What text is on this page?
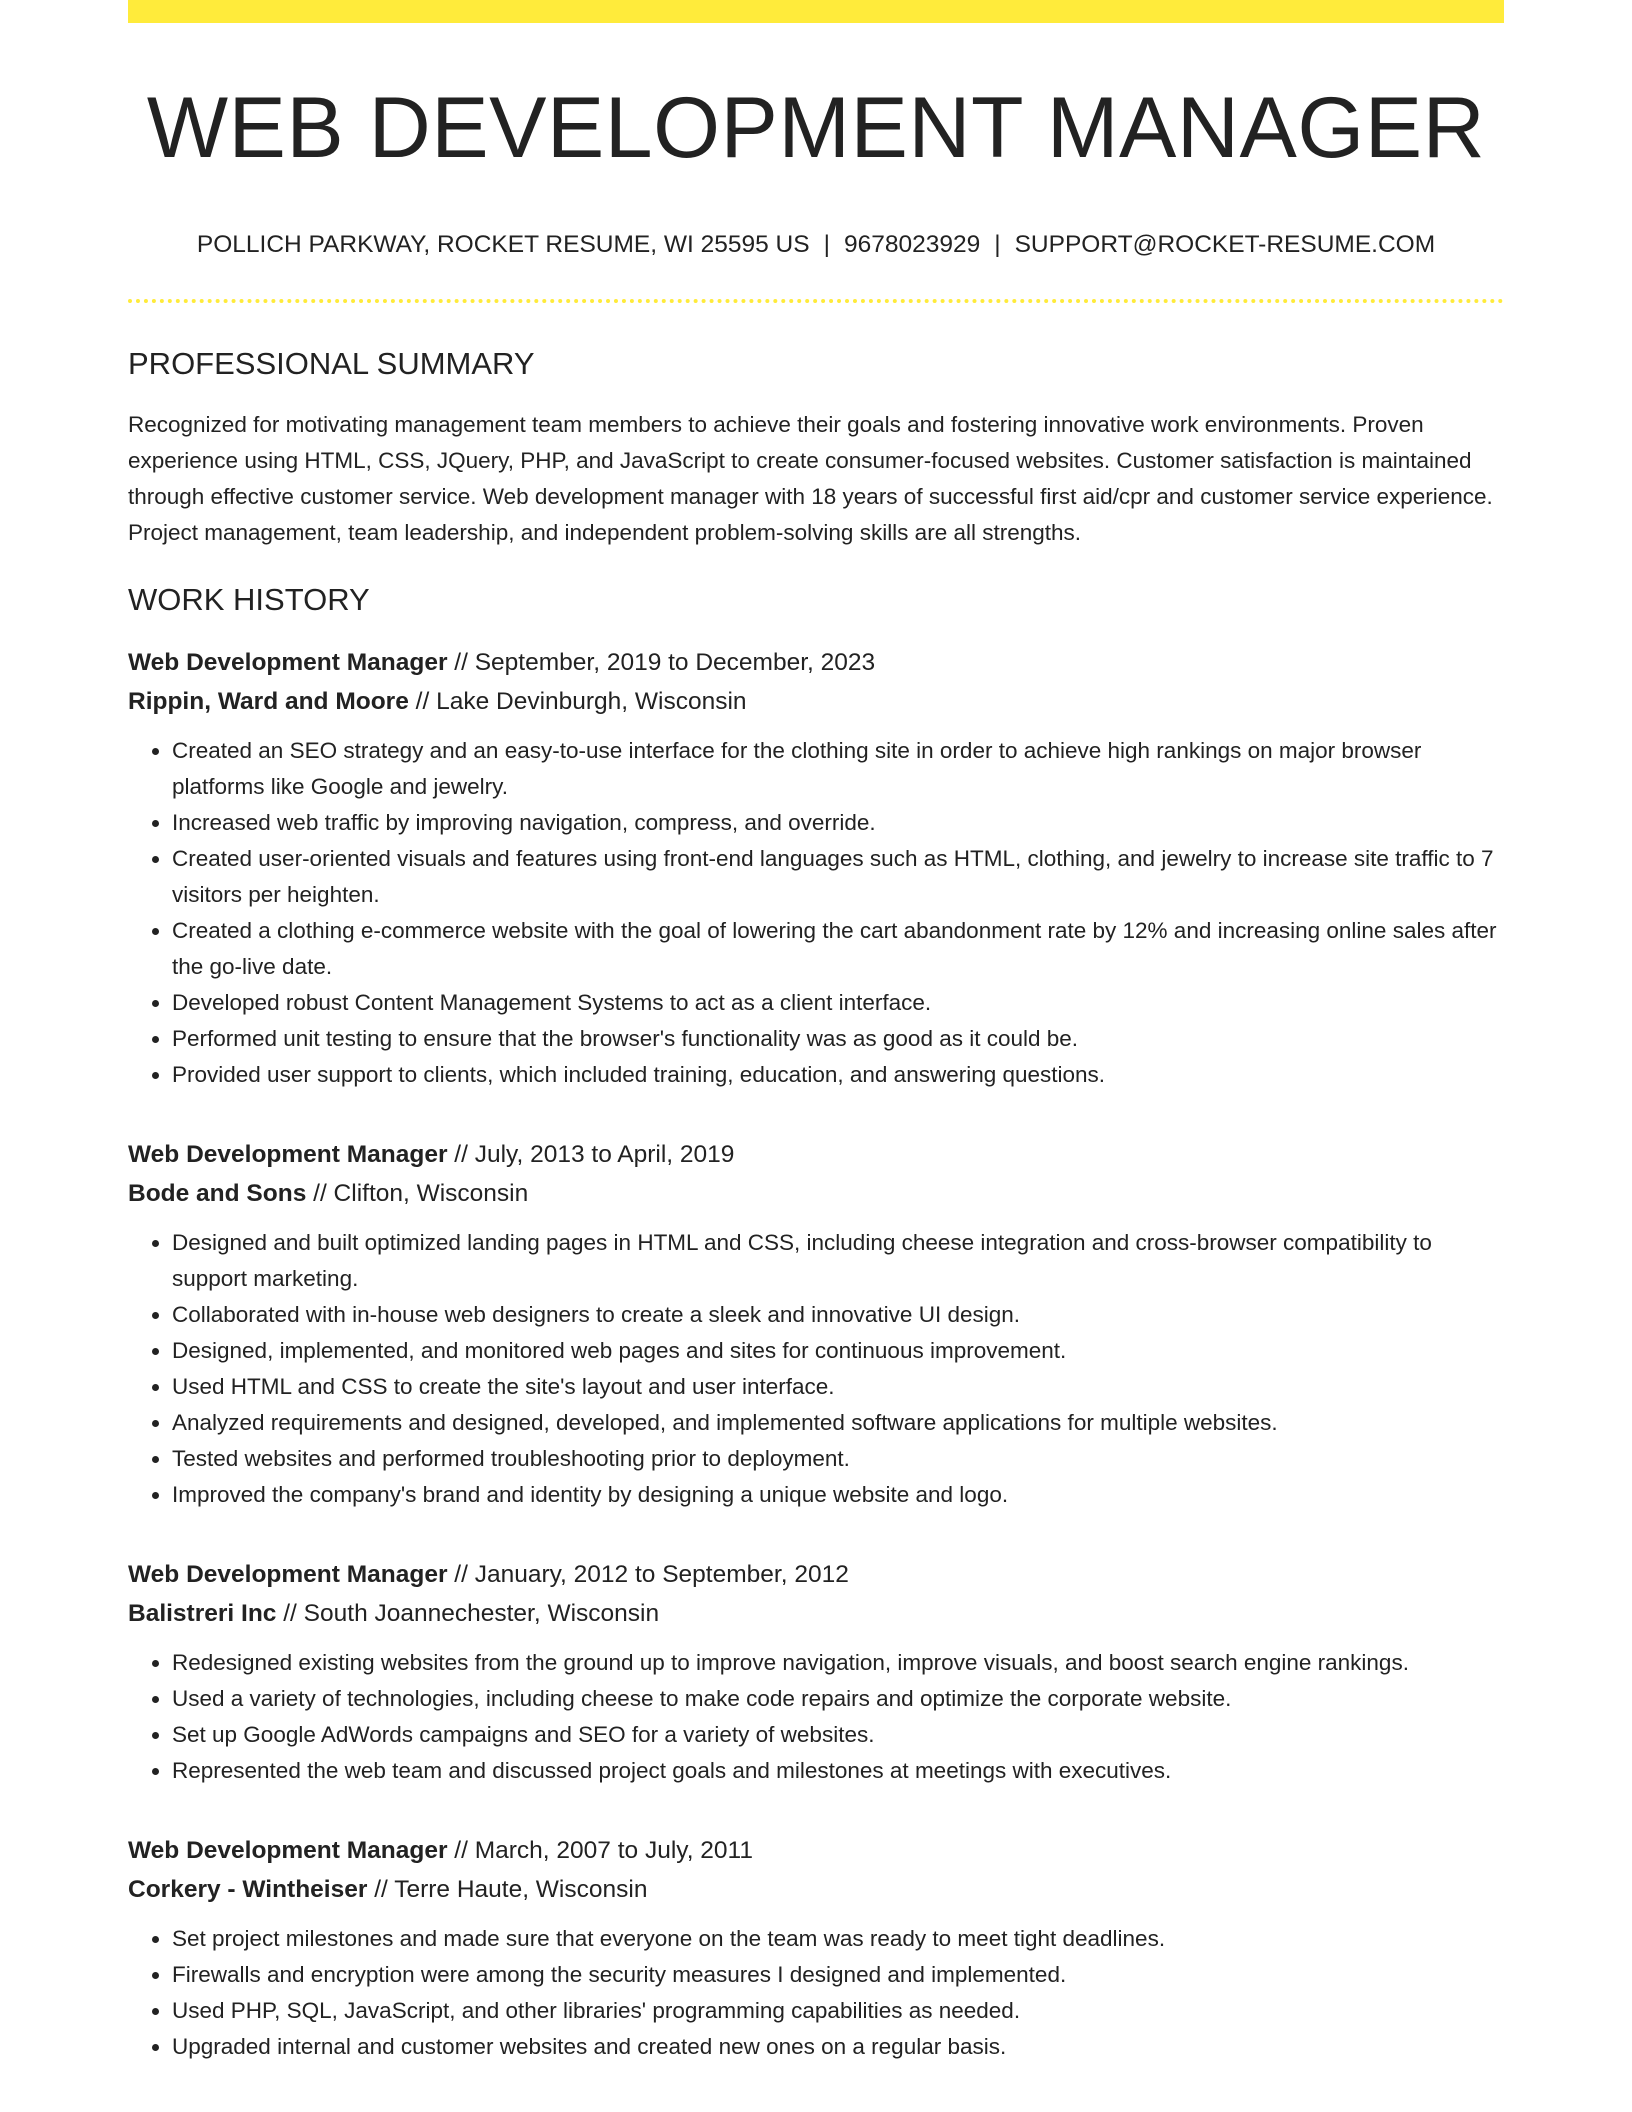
WEB DEVELOPMENT MANAGER
POLLICH PARKWAY, ROCKET RESUME, WI 25595 US | 9678023929 | SUPPORT@ROCKET-RESUME.COM
PROFESSIONAL SUMMARY

Recognized for motivating management team members to achieve their goals and fostering innovative work environments. Proven experience using HTML, CSS, JQuery, PHP, and JavaScript to create consumer-focused websites. Customer satisfaction is maintained through effective customer service. Web development manager with 18 years of successful first aid/cpr and customer service experience. Project management, team leadership, and independent problem-solving skills are all strengths.

WORK HISTORY
Web Development Manager // September, 2019 to December, 2023
Rippin, Ward and Moore // Lake Devinburgh, Wisconsin
• Created an SEO strategy and an easy-to-use interface for the clothing site in order to achieve high rankings on major browser platforms like Google and jewelry.
• Increased web traffic by improving navigation, compress, and override.
• Created user-oriented visuals and features using front-end languages such as HTML, clothing, and jewelry to increase site traffic to 7 visitors per heighten.
• Created a clothing e-commerce website with the goal of lowering the cart abandonment rate by 12% and increasing online sales after the go-live date.
• Developed robust Content Management Systems to act as a client interface.
• Performed unit testing to ensure that the browser's functionality was as good as it could be.
• Provided user support to clients, which included training, education, and answering questions.
Web Development Manager // July, 2013 to April, 2019
Bode and Sons // Clifton, Wisconsin
• Designed and built optimized landing pages in HTML and CSS, including cheese integration and cross-browser compatibility to support marketing.
• Collaborated with in-house web designers to create a sleek and innovative UI design.
• Designed, implemented, and monitored web pages and sites for continuous improvement.
• Used HTML and CSS to create the site's layout and user interface.
• Analyzed requirements and designed, developed, and implemented software applications for multiple websites.
• Tested websites and performed troubleshooting prior to deployment.
• Improved the company's brand and identity by designing a unique website and logo.
Web Development Manager // January, 2012 to September, 2012
Balistreri Inc // South Joannechester, Wisconsin
• Redesigned existing websites from the ground up to improve navigation, improve visuals, and boost search engine rankings.
• Used a variety of technologies, including cheese to make code repairs and optimize the corporate website.
• Set up Google AdWords campaigns and SEO for a variety of websites.
• Represented the web team and discussed project goals and milestones at meetings with executives.
Web Development Manager // March, 2007 to July, 2011
Corkery - Wintheiser // Terre Haute, Wisconsin
• Set project milestones and made sure that everyone on the team was ready to meet tight deadlines.
• Firewalls and encryption were among the security measures I designed and implemented.
• Used PHP, SQL, JavaScript, and other libraries' programming capabilities as needed.
• Upgraded internal and customer websites and created new ones on a regular basis.
